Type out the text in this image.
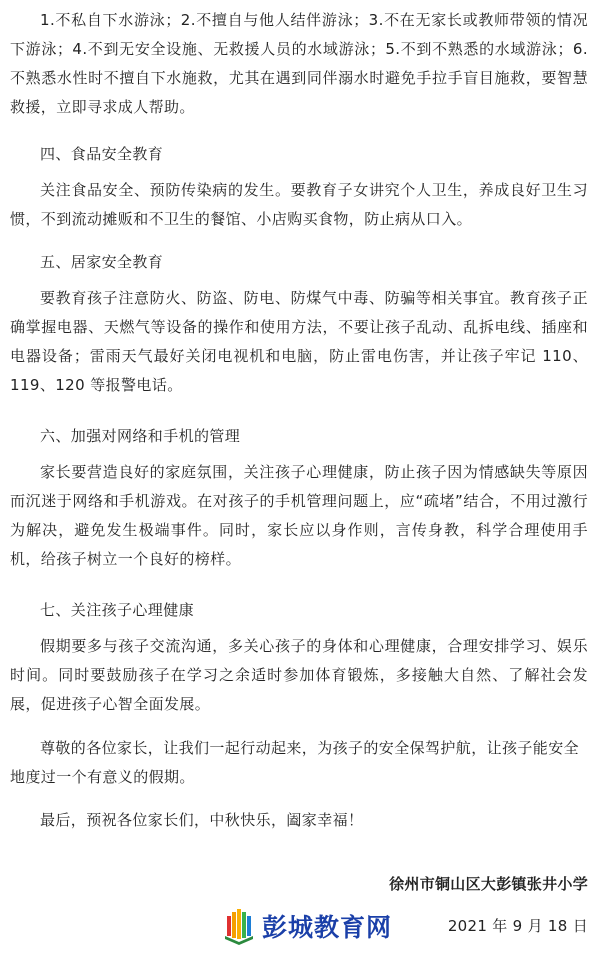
1.不私自下水游泳；2.不擅自与他人结伴游泳；3.不在无家长或教师带领的情况下游泳；4.不到无安全设施、无救援人员的水域游泳；5.不到不熟悉的水域游泳；6.不熟悉水性时不擅自下水施救，尤其在遇到同伴溺水时避免手拉手盲目施救，要智慧救援，立即寻求成人帮助。

四、食品安全教育

关注食品安全、预防传染病的发生。要教育子女讲究个人卫生，养成良好卫生习惯，不到流动摊贩和不卫生的餐馆、小店购买食物，防止病从口入。

五、居家安全教育

要教育孩子注意防火、防盗、防电、防煤气中毒、防骗等相关事宜。教育孩子正确掌握电器、天燃气等设备的操作和使用方法，不要让孩子乱动、乱拆电线、插座和电器设备；雷雨天气最好关闭电视机和电脑，防止雷电伤害，并让孩子牢记 110、119、120 等报警电话。

六、加强对网络和手机的管理

家长要营造良好的家庭氛围，关注孩子心理健康，防止孩子因为情感缺失等原因而沉迷于网络和手机游戏。在对孩子的手机管理问题上，应“疏堵”结合，不用过激行为解决，避免发生极端事件。同时，家长应以身作则，言传身教，科学合理使用手机，给孩子树立一个良好的榜样。

七、关注孩子心理健康

假期要多与孩子交流沟通，多关心孩子的身体和心理健康，合理安排学习、娱乐时间。同时要鼓励孩子在学习之余适时参加体育锻炼，多接触大自然、了解社会发展，促进孩子心智全面发展。

尊敬的各位家长，让我们一起行动起来，为孩子的安全保驾护航，让孩子能安全地度过一个有意义的假期。

最后，预祝各位家长们，中秋快乐，阖家幸福！

徐州市铜山区大彭镇张井小学
彭城教育网	2021 年 9 月 18 日
